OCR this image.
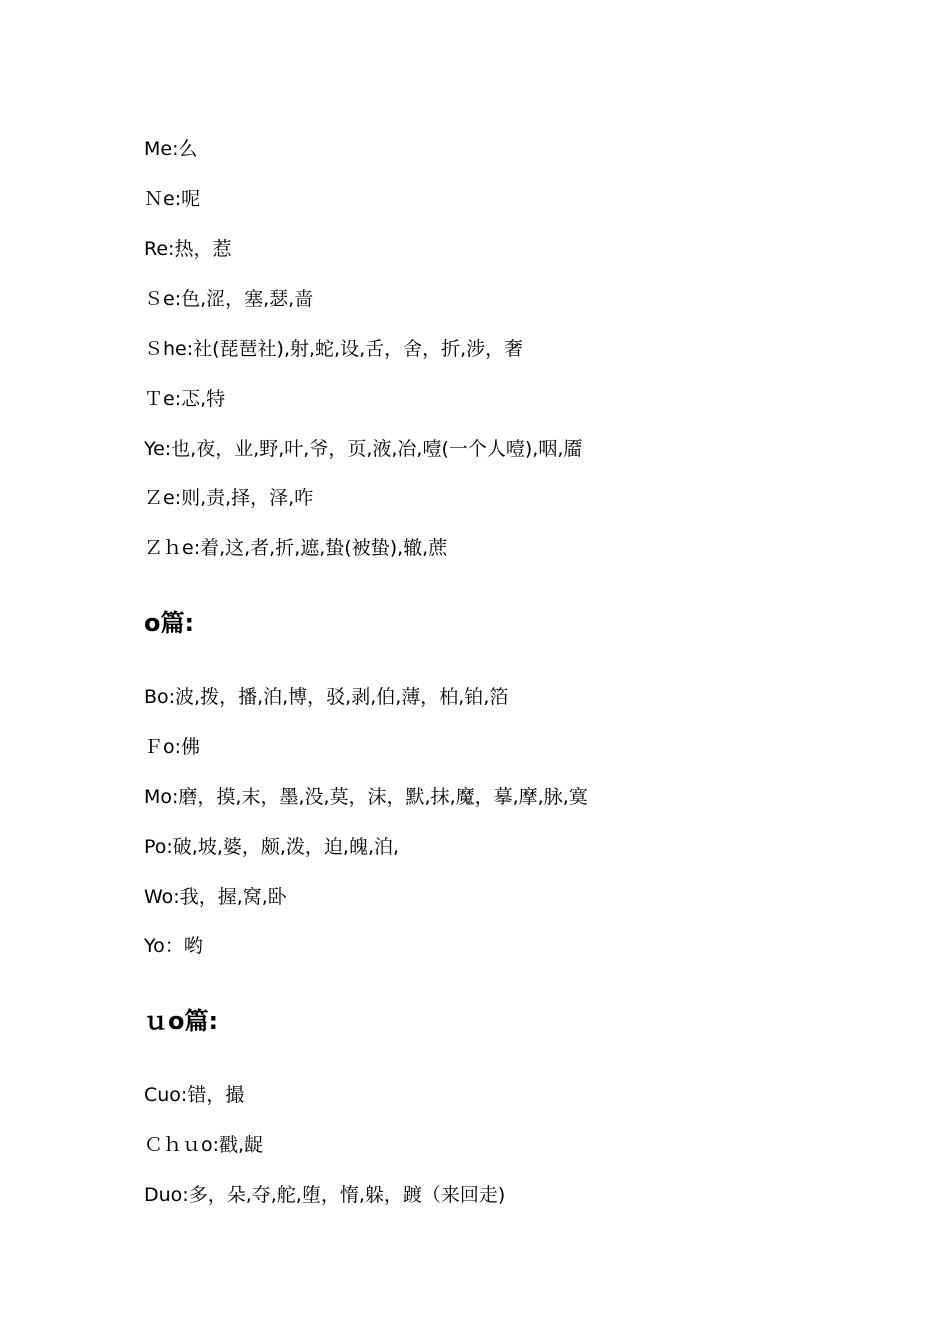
Me:么
Ｎe:呢
Re:热，惹
Ｓe:色,涩，塞,瑟,啬
Ｓhe:社(琵琶社),射,蛇,设,舌，舍，折,涉，奢
Ｔe:忑,特
Ye:也,夜，业,野,叶,爷，页,液,冶,噎(一个人噎),咽,靥
Ｚe:则,责,择，泽,咋
Ｚｈe:着,这,者,折,遮,蛰(被蛰),辙,蔗
o篇:
Bo:波,拨，播,泊,博，驳,剥,伯,薄，柏,铂,箔
Ｆo:佛
Mo:磨，摸,末，墨,没,莫，沫，默,抹,魔，摹,摩,脉,寞
Po:破,坡,婆，颇,泼，迫,魄,泊,
Wo:我，握,窝,卧
Yo：哟
ｕo篇:
Cuo:错，撮
Ｃｈｕo:戳,龊
Duo:多，朵,夺,舵,堕，惰,躲，踱（来回走)
